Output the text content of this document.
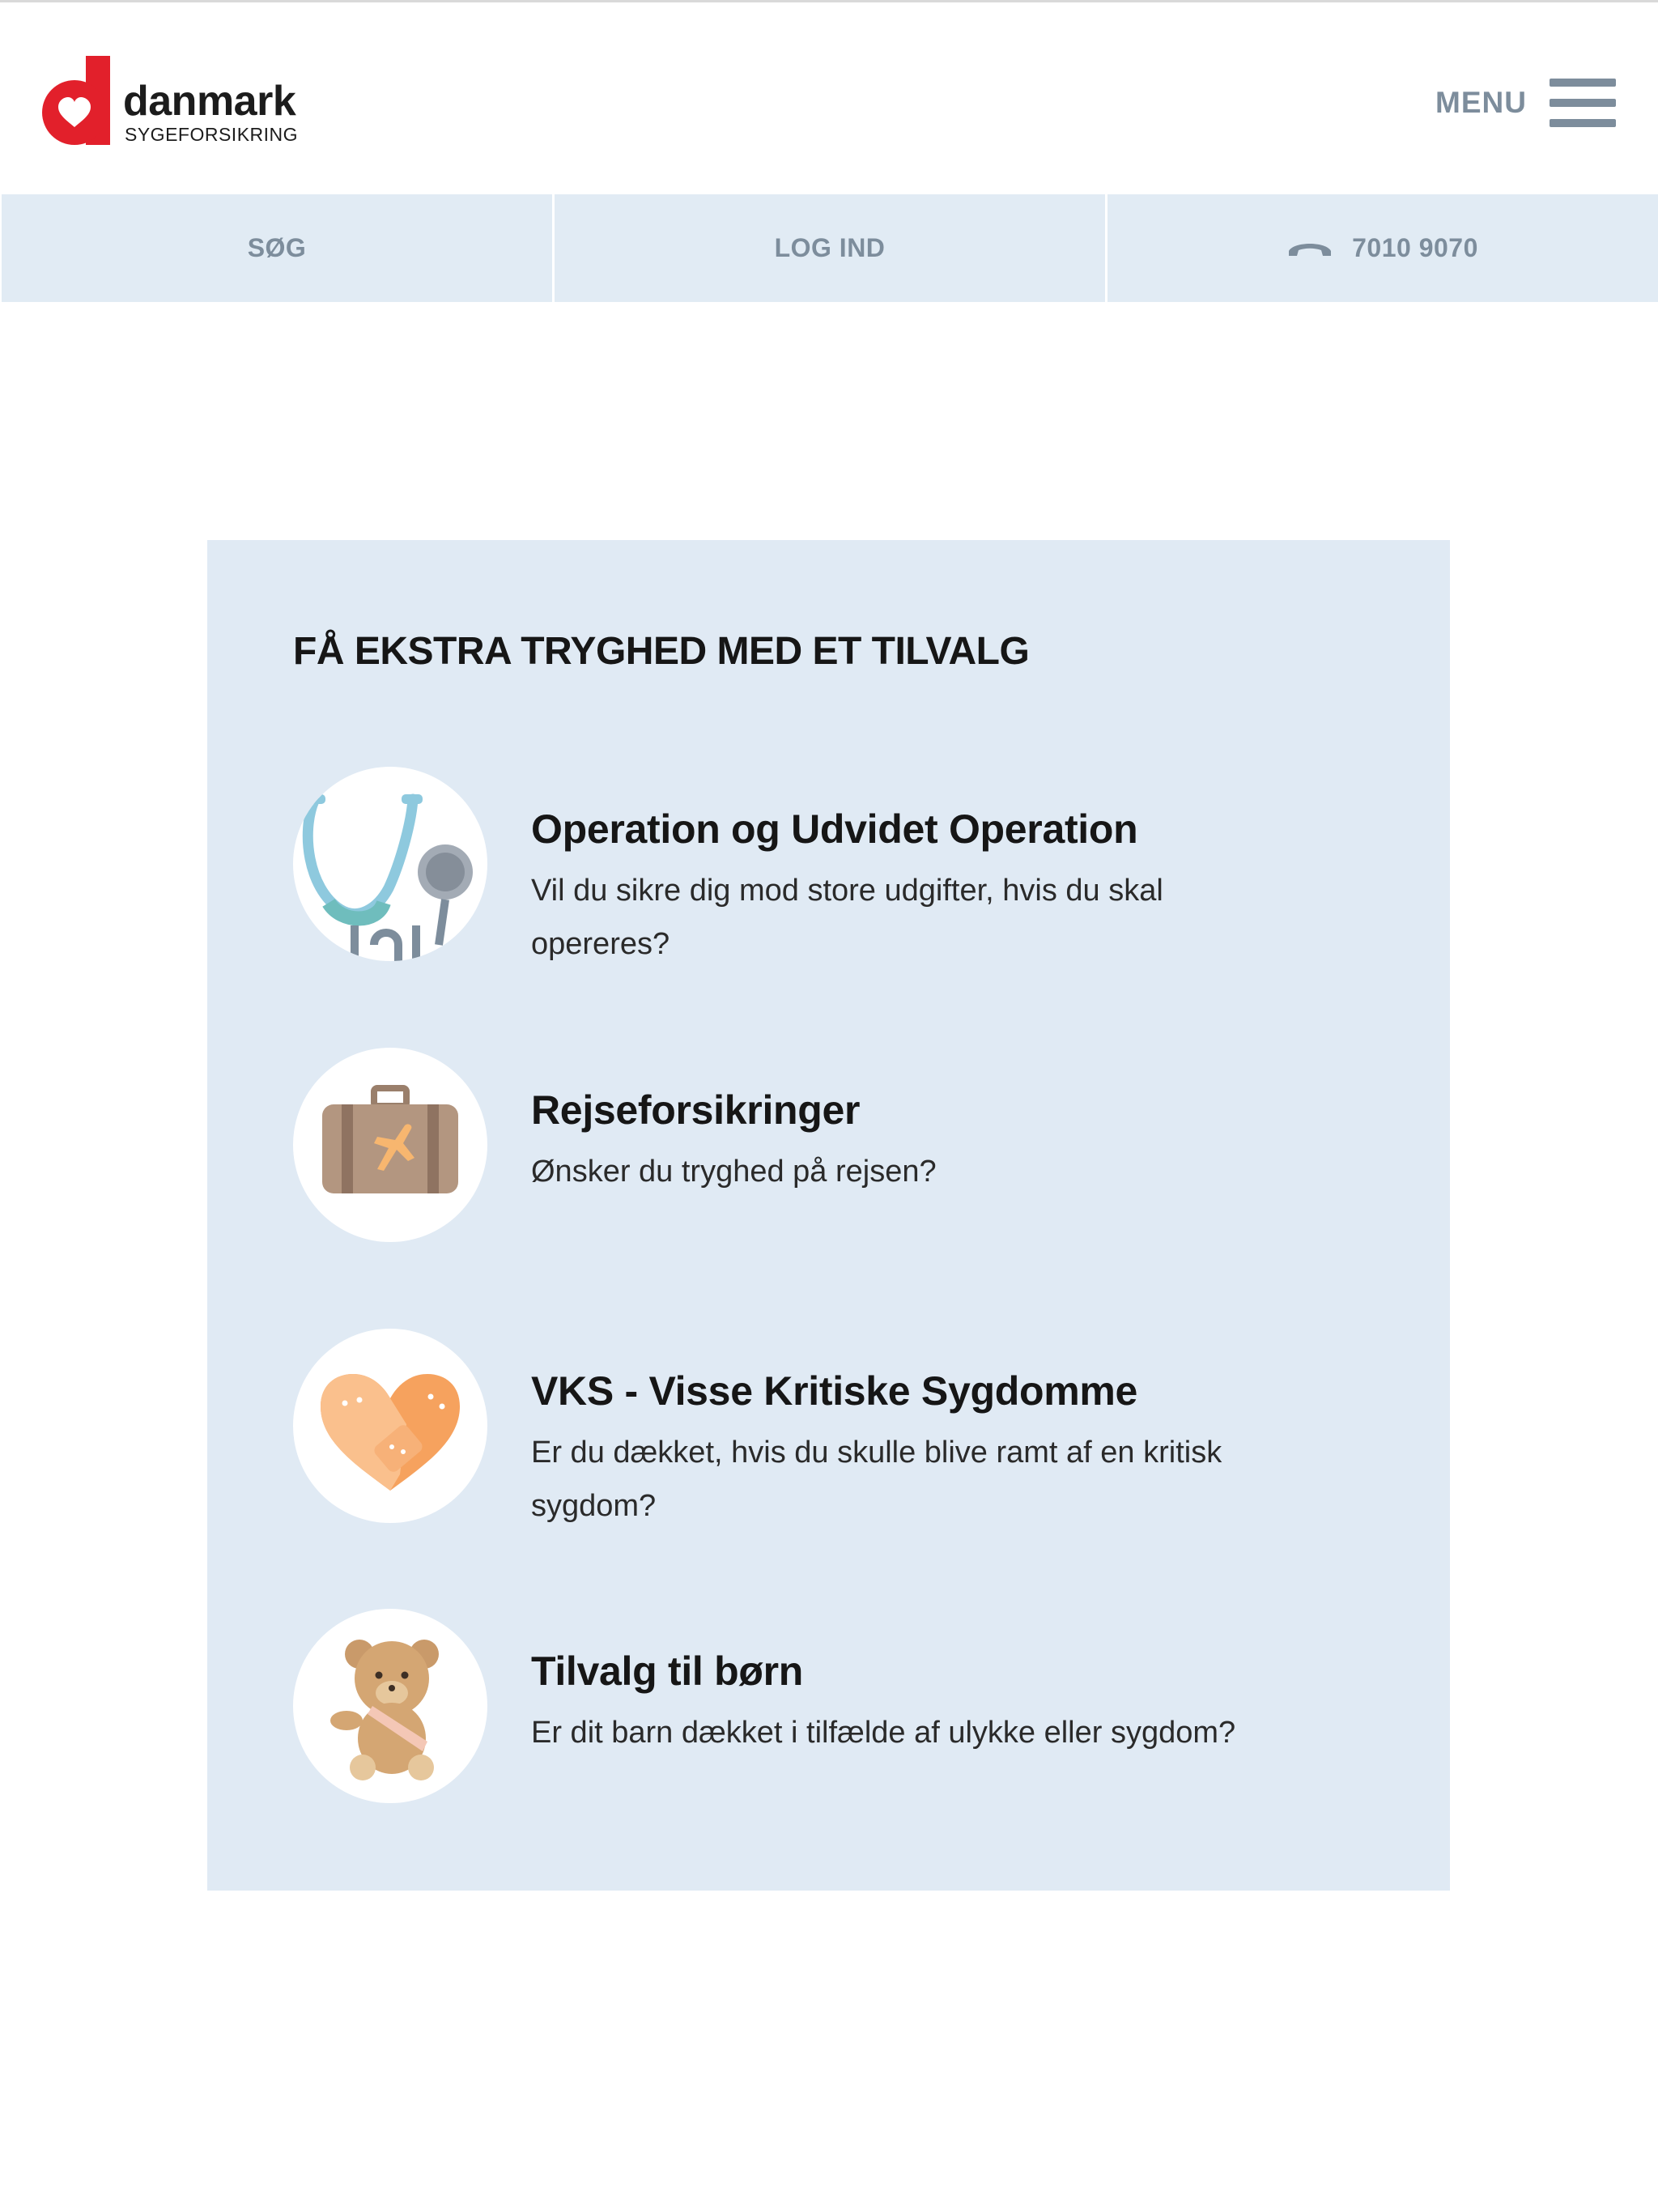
danmark
SYGEFORSIKRING
MENU
SØG	LOG IND	7010 9070
FÅ EKSTRA TRYGHED MED ET TILVALG
Operation og Udvidet Operation
Vil du sikre dig mod store udgifter, hvis du skal opereres?
Rejseforsikringer
Ønsker du tryghed på rejsen?
VKS - Visse Kritiske Sygdomme
Er du dækket, hvis du skulle blive ramt af en kritisk sygdom?
Tilvalg til børn
Er dit barn dækket i tilfælde af ulykke eller sygdom?
